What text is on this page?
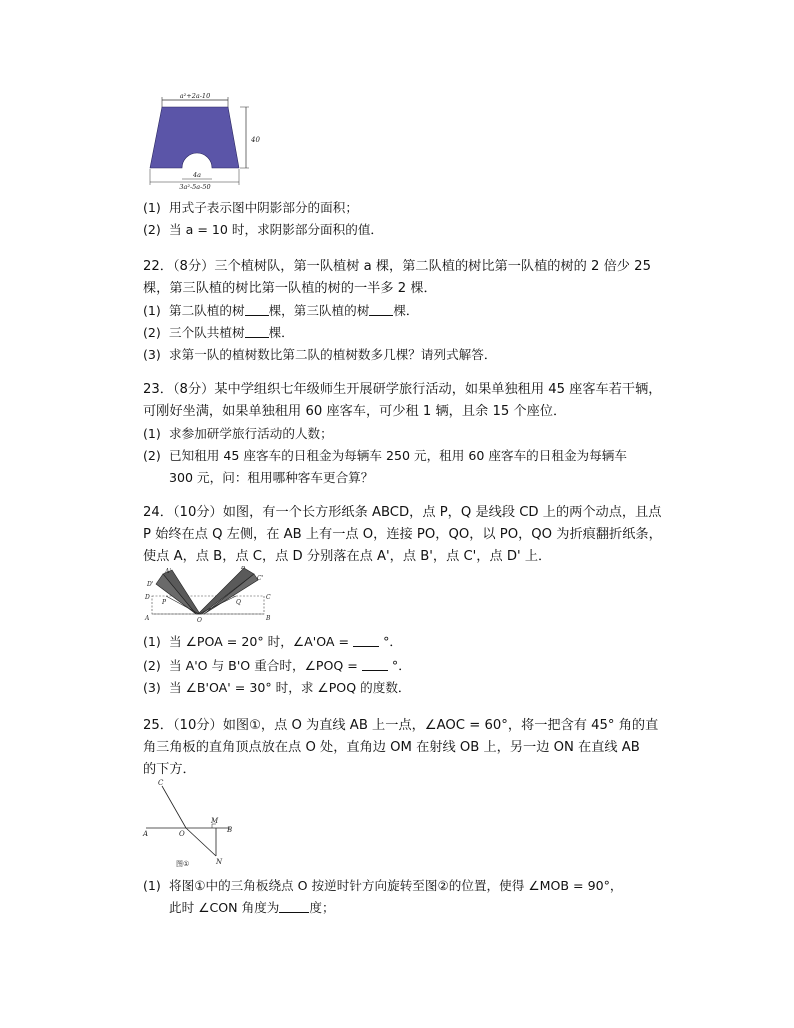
a²+2a-10
40
4a
3a²-5a-50
(1) 用式子表示图中阴影部分的面积；
(2) 当 a = 10 时，求阴影部分面积的值．
22．（8分）三个植树队，第一队植树 a 棵，第二队植的树比第一队植的树的 2 倍少 25
棵，第三队植的树比第一队植的树的一半多 2 棵．
(1) 第二队植的树 棵，第三队植的树 棵．
(2) 三个队共植树 棵．
(3) 求第一队的植树数比第二队的植树数多几棵？请列式解答．
23．（8分）某中学组织七年级师生开展研学旅行活动，如果单独租用 45 座客车若干辆，
可刚好坐满，如果单独租用 60 座客车，可少租 1 辆，且余 15 个座位．
(1) 求参加研学旅行活动的人数；
(2) 已知租用 45 座客车的日租金为每辆车 250 元，租用 60 座客车的日租金为每辆车
300 元，问：租用哪种客车更合算？
24．（10分）如图，有一个长方形纸条 ABCD，点 P，Q 是线段 CD 上的两个动点，且点
P 始终在点 Q 左侧，在 AB 上有一点 O，连接 PO，QO，以 PO，QO 为折痕翻折纸条，
使点 A，点 B，点 C，点 D 分别落在点 A'，点 B'，点 C'，点 D' 上．
A'
D'
D
P
A	O
B'
C'
Q
C
B
(1) 当 ∠POA = 20° 时，∠A'OA =	°．
(2) 当 A'O 与 B'O 重合时，∠POQ =	°．
(3) 当 ∠B'OA' = 30° 时，求 ∠POQ 的度数．
25．（10分）如图①，点 O 为直线 AB 上一点，∠AOC = 60°，将一把含有 45° 角的直
角三角板的直角顶点放在点 O 处，直角边 OM 在射线 OB 上，另一边 ON 在直线 AB
的下方．
C
A	O
M
B
N
图①
(1) 将图①中的三角板绕点 O 按逆时针方向旋转至图②的位置，使得 ∠MOB = 90°，
此时 ∠CON 角度为 度；
